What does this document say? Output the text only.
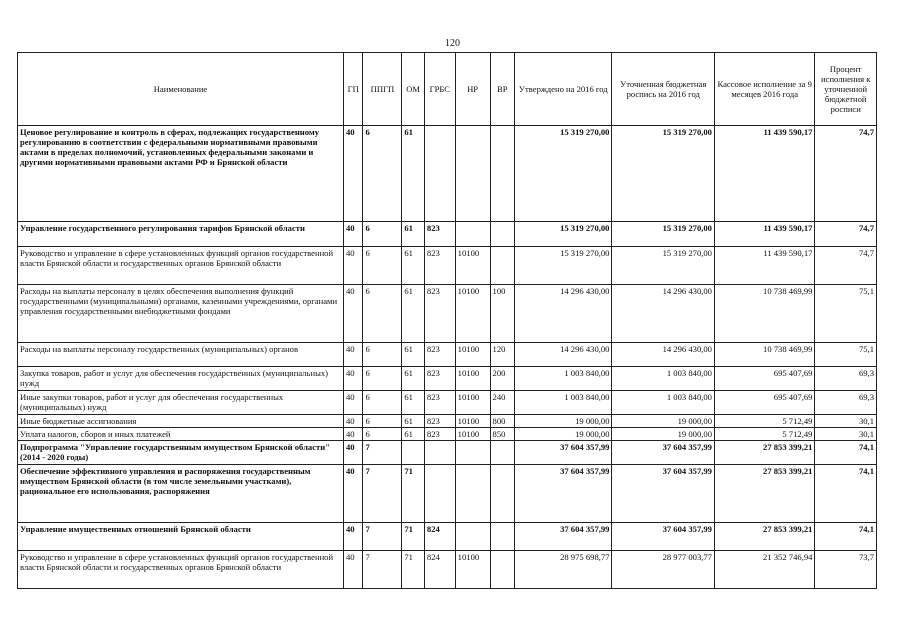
120
Наименование	ГП	ППГП	ОМ	ГРБС	НР	ВР	Утверждено на 2016 год	Уточненная бюджетная роспись на 2016 год	Кассовое исполнение за 9 месяцев 2016 года	Процент исполнения к уточненной бюджетной росписи
Ценовое регулирование и контроль в сферах, подлежащих государственному регулированию в соответствии с федеральными нормативными правовыми актами в пределах полномочий, установленных федеральными законами и другими нормативными правовыми актами РФ и Брянской области	40	6	61				15 319 270,00	15 319 270,00	11 439 590,17	74,7
Управление государственного регулирования тарифов Брянской области	40	6	61	823			15 319 270,00	15 319 270,00	11 439 590,17	74,7
Руководство и управление в сфере установленных функций органов государственной власти Брянской области и государственных органов Брянской области	40	6	61	823	10100		15 319 270,00	15 319 270,00	11 439 590,17	74,7
Расходы на выплаты персоналу в целях обеспечения выполнения функций государственными (муниципальными) органами, казенными учреждениями, органами управления государственными внебюджетными фондами	40	6	61	823	10100	100	14 296 430,00	14 296 430,00	10 738 469,99	75,1
Расходы на выплаты персоналу государственных (муниципальных) органов	40	6	61	823	10100	120	14 296 430,00	14 296 430,00	10 738 469,99	75,1
Закупка товаров, работ и услуг для обеспечения государственных (муниципальных) нужд	40	6	61	823	10100	200	1 003 840,00	1 003 840,00	695 407,69	69,3
Иные закупки товаров, работ и услуг для обеспечения государственных (муниципальных) нужд	40	6	61	823	10100	240	1 003 840,00	1 003 840,00	695 407,69	69,3
Иные бюджетные ассигнования	40	6	61	823	10100	800	19 000,00	19 000,00	5 712,49	30,1
Уплата налогов, сборов и иных платежей	40	6	61	823	10100	850	19 000,00	19 000,00	5 712,49	30,1
Подпрограмма "Управление государственным имуществом Брянской области" (2014 - 2020 годы)	40	7					37 604 357,99	37 604 357,99	27 853 399,21	74,1
Обеспечение эффективного управления и распоряжения государственным имуществом Брянской области (в том числе земельными участками), рациональное его использования, распоряжения	40	7	71				37 604 357,99	37 604 357,99	27 853 399,21	74,1
Управление имущественных отношений Брянской области	40	7	71	824			37 604 357,99	37 604 357,99	27 853 399,21	74,1
Руководство и управление в сфере установленных функций органов государственной власти Брянской области и государственных органов Брянской области	40	7	71	824	10100		28 975 698,77	28 977 003,77	21 352 746,94	73,7
